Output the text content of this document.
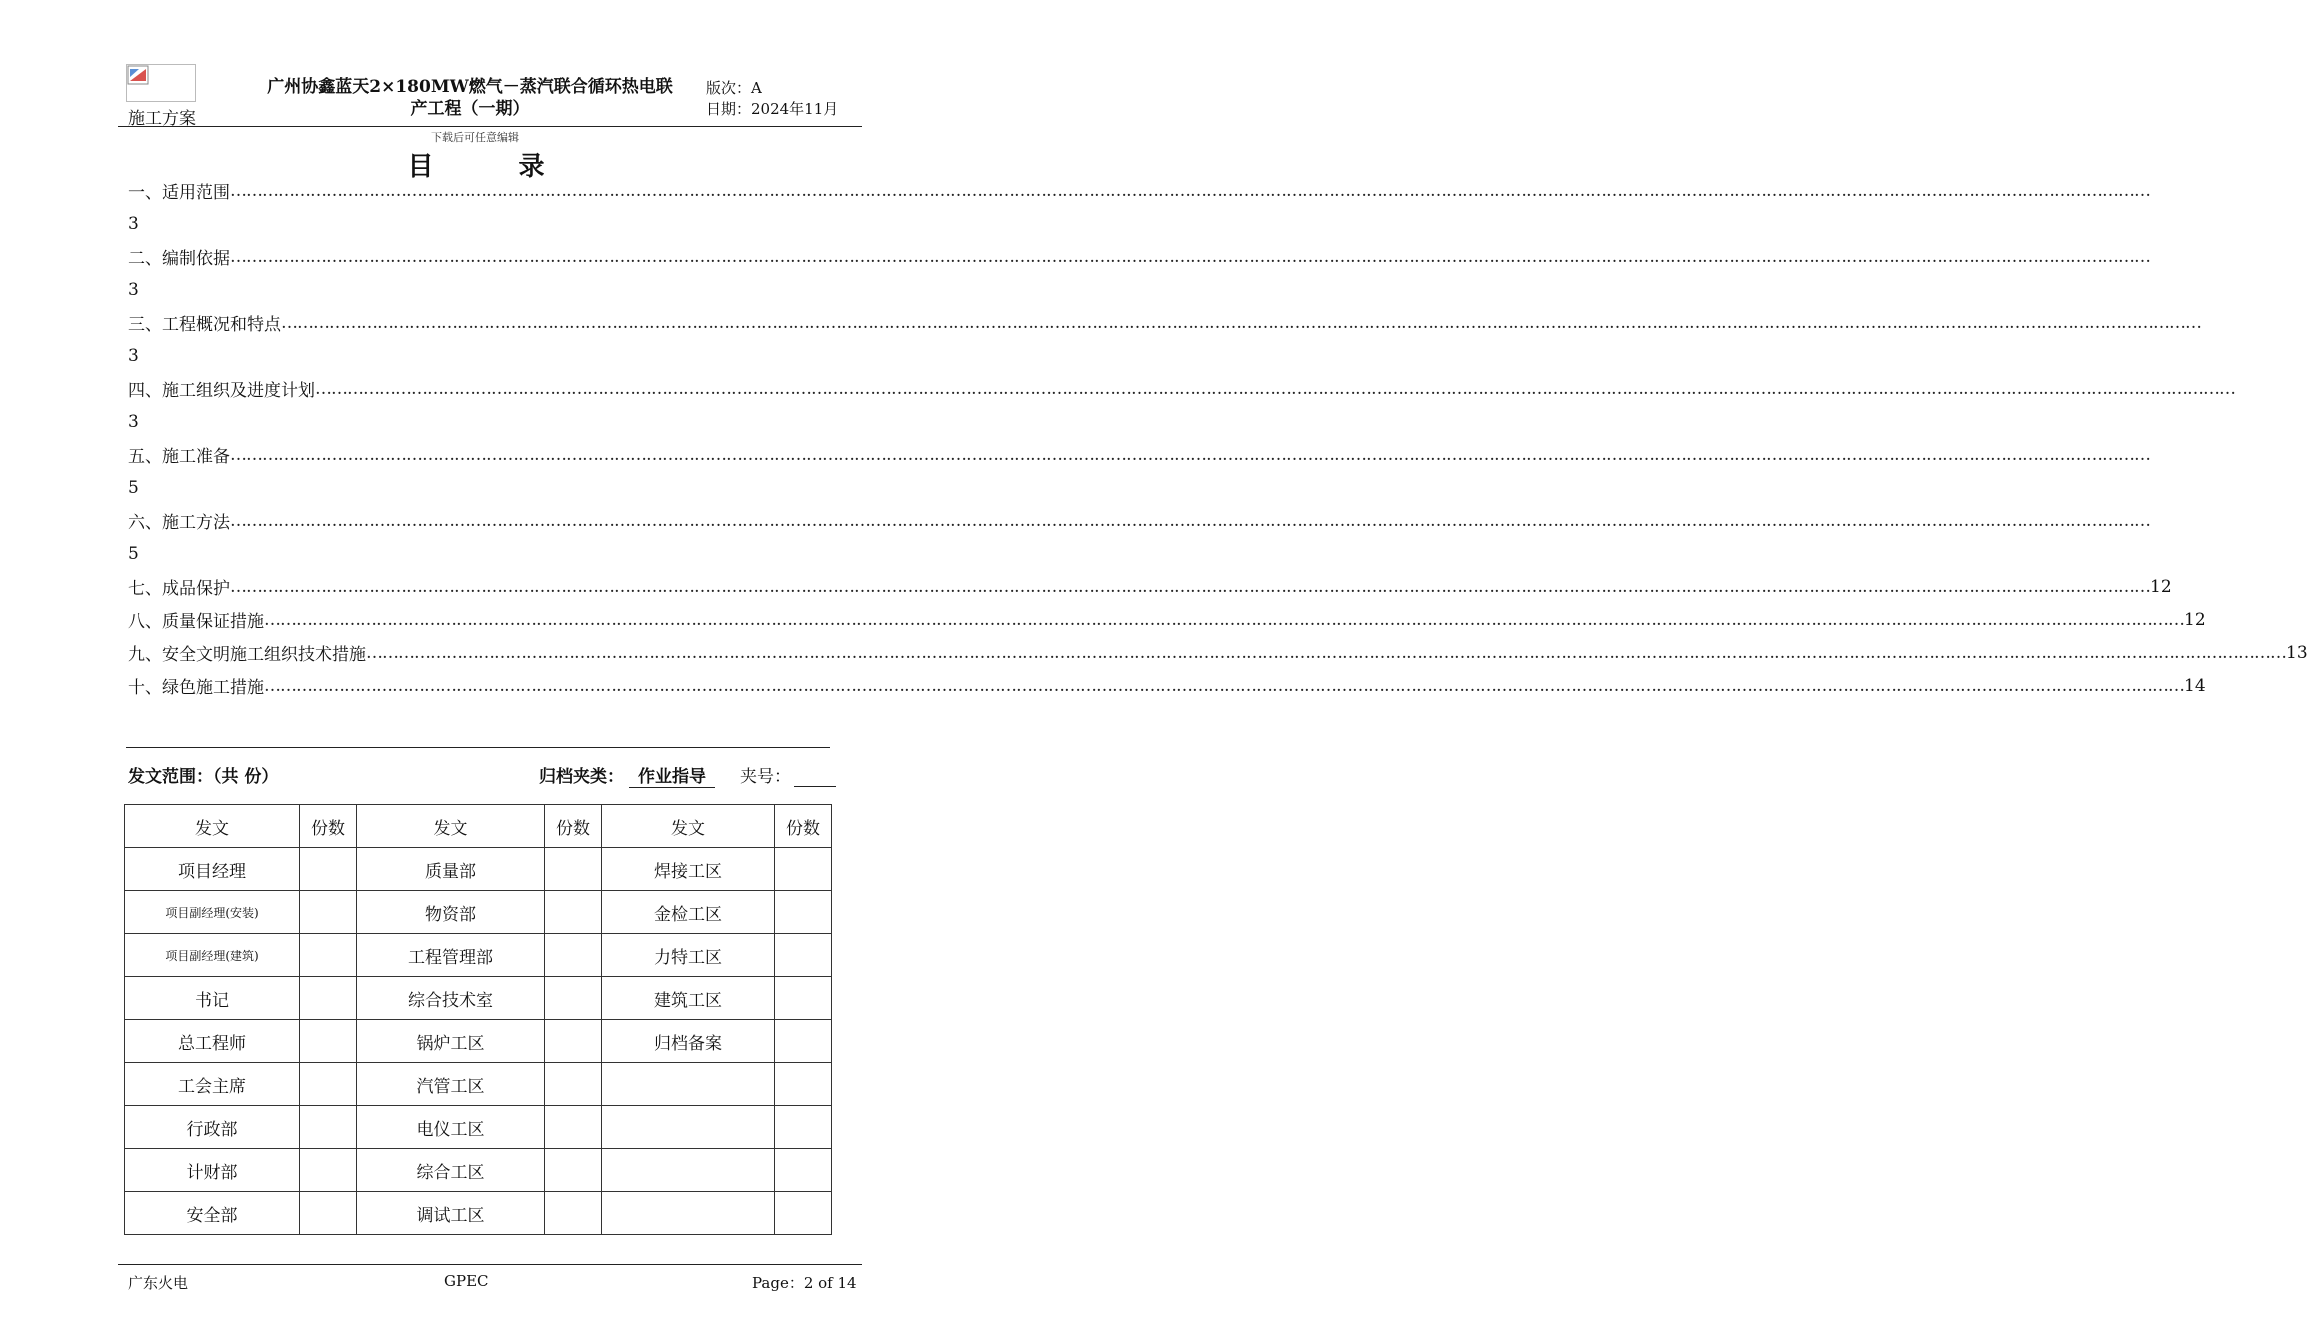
施工方案
广州协鑫蓝天2×180MW燃气－蒸汽联合循环热电联
产工程（一期）
版次：A
日期：2024年11月
下载后可任意编辑
目 录
一、适用范围 ………………………………………………………………………………………………………………………………………………………………………………………………………………………………………………………………………………………………………………………………
3
二、编制依据 ………………………………………………………………………………………………………………………………………………………………………………………………………………………………………………………………………………………………………………………………
3
三、工程概况和特点 ………………………………………………………………………………………………………………………………………………………………………………………………………………………………………………………………………………………………………………………………
3
四、施工组织及进度计划 ………………………………………………………………………………………………………………………………………………………………………………………………………………………………………………………………………………………………………………………………
3
五、施工准备 ………………………………………………………………………………………………………………………………………………………………………………………………………………………………………………………………………………………………………………………………
5
六、施工方法 ………………………………………………………………………………………………………………………………………………………………………………………………………………………………………………………………………………………………………………………………
5
七、成品保护 ……………………………………………………………………………………………………………………………………………………………………………………………………………………………………………………………………………………………………………………………… 12
八、质量保证措施 ……………………………………………………………………………………………………………………………………………………………………………………………………………………………………………………………………………………………………………………………… 12
九、安全文明施工组织技术措施 ……………………………………………………………………………………………………………………………………………………………………………………………………………………………………………………………………………………………………………………………… 13
十、绿色施工措施 ……………………………………………………………………………………………………………………………………………………………………………………………………………………………………………………………………………………………………………………………… 14
发文范围：（共 份）	归档夹类： 作业指导	夹号：
发文	份数	发文	份数	发文	份数
项目经理		质量部		焊接工区	
项目副经理(安装)		物资部		金检工区	
项目副经理(建筑)		工程管理部		力特工区	
书记		综合技术室		建筑工区	
总工程师		锅炉工区		归档备案	
工会主席		汽管工区			
行政部		电仪工区			
计财部		综合工区			
安全部		调试工区			
广东火电	GPEC	Page：2 of 14
